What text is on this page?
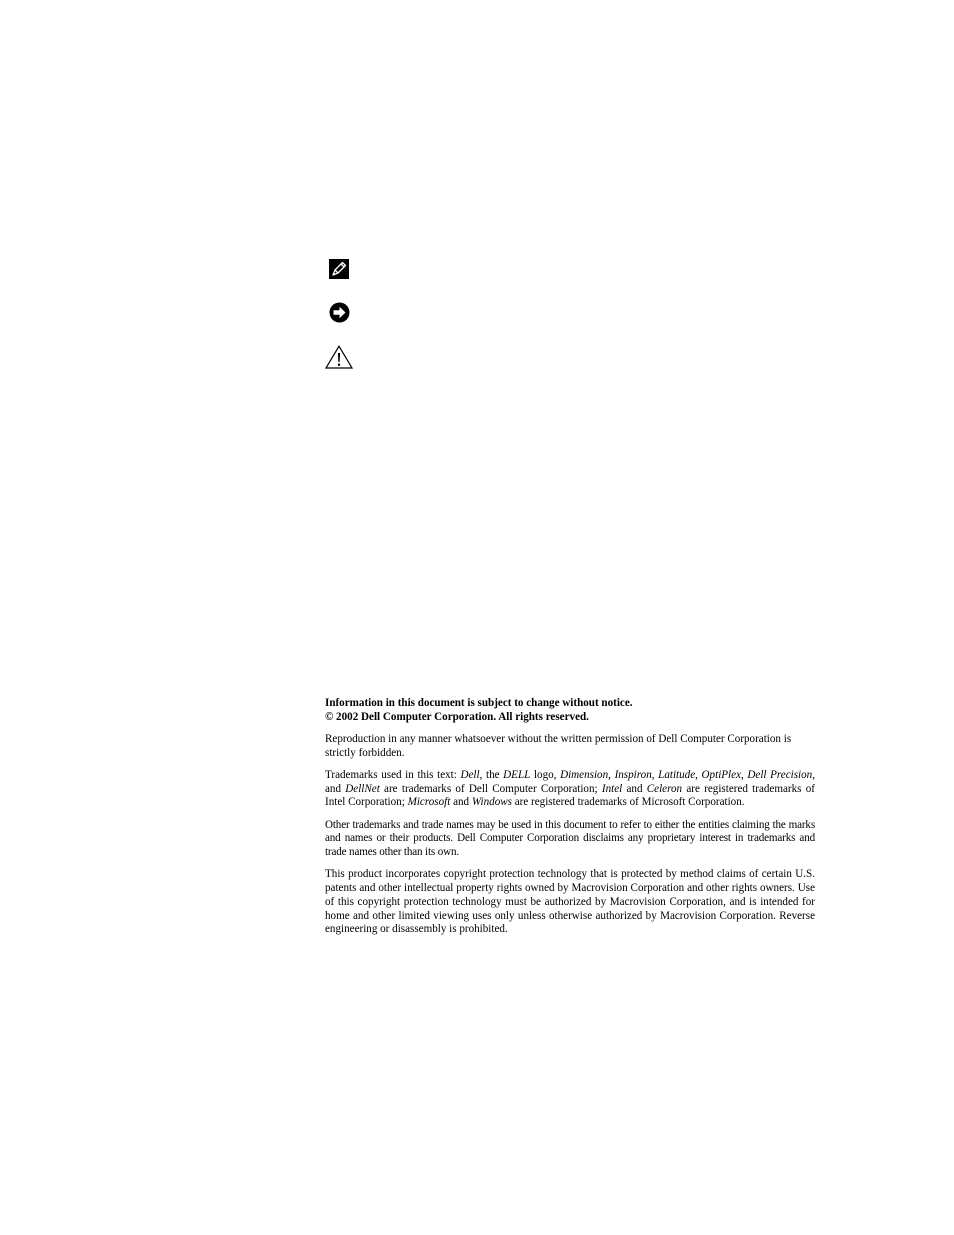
Information in this document is subject to change without notice.
© 2002 Dell Computer Corporation. All rights reserved.

Reproduction in any manner whatsoever without the written permission of Dell Computer Corporation is strictly forbidden.

Trademarks used in this text: Dell, the DELL logo, Dimension, Inspiron, Latitude, OptiPlex, Dell Precision, and DellNet are trademarks of Dell Computer Corporation; Intel and Celeron are registered trademarks of Intel Corporation; Microsoft and Windows are registered trademarks of Microsoft Corporation.

Other trademarks and trade names may be used in this document to refer to either the entities claiming the marks and names or their products. Dell Computer Corporation disclaims any proprietary interest in trademarks and trade names other than its own.

This product incorporates copyright protection technology that is protected by method claims of certain U.S. patents and other intellectual property rights owned by Macrovision Corporation and other rights owners. Use of this copyright protection technology must be authorized by Macrovision Corporation, and is intended for home and other limited viewing uses only unless otherwise authorized by Macrovision Corporation. Reverse engineering or disassembly is prohibited.
